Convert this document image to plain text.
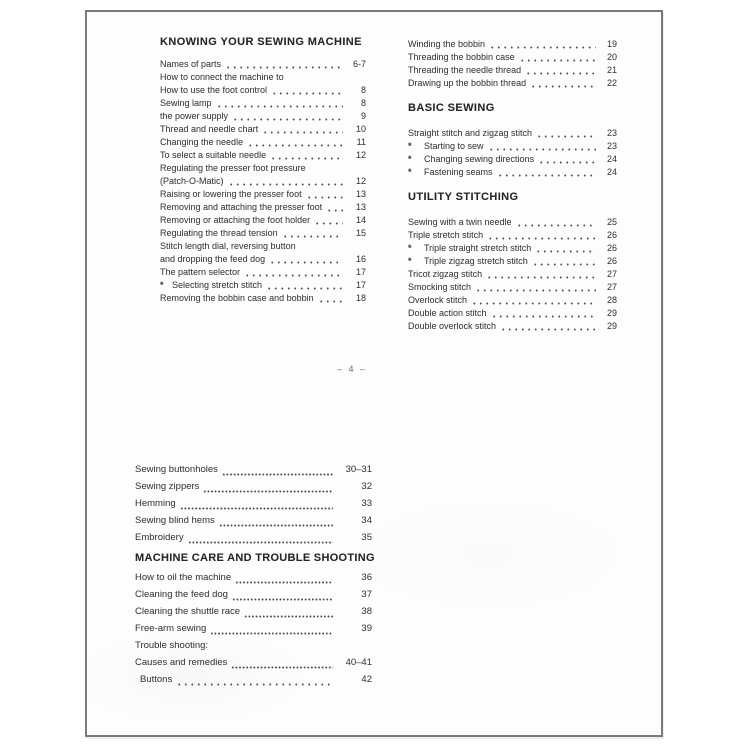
KNOWING YOUR SEWING MACHINE
Names of parts	6-7
How to connect the machine to
How to use the foot control	8
Sewing lamp	8
the power supply	9
Thread and needle chart	10
Changing the needle	11
To select a suitable needle	12
Regulating the presser foot pressure
(Patch-O-Matic)	12
Raising or lowering the presser foot	13
Removing and attaching the presser foot	13
Removing or attaching the foot holder	14
Regulating the thread tension	15
Stitch length dial, reversing button
and dropping the feed dog	16
The pattern selector	17
* Selecting stretch stitch	17
Removing the bobbin case and bobbin	18
Winding the bobbin	19
Threading the bobbin case	20
Threading the needle thread	21
Drawing up the bobbin thread	22
BASIC SEWING
Straight stitch and zigzag stitch	23
*	Starting to sew	23
*	Changing sewing directions	24
*	Fastening seams	24
UTILITY STITCHING
Sewing with a twin needle	25
Triple stretch stitch	26
*	Triple straight stretch stitch	26
*	Triple zigzag stretch stitch	26
Tricot zigzag stitch	27
Smocking stitch	27
Overlock stitch	28
Double action stitch	29
Double overlock stitch	29
– 4 –
Sewing buttonholes	30–31
Sewing zippers	32
Hemming	33
Sewing blind hems	34
Embroidery	35
MACHINE CARE AND TROUBLE SHOOTING
How to oil the machine	36
Cleaning the feed dog	37
Cleaning the shuttle race	38
Free-arm sewing	39
Trouble shooting:
Causes and remedies	40–41
Buttons	42
